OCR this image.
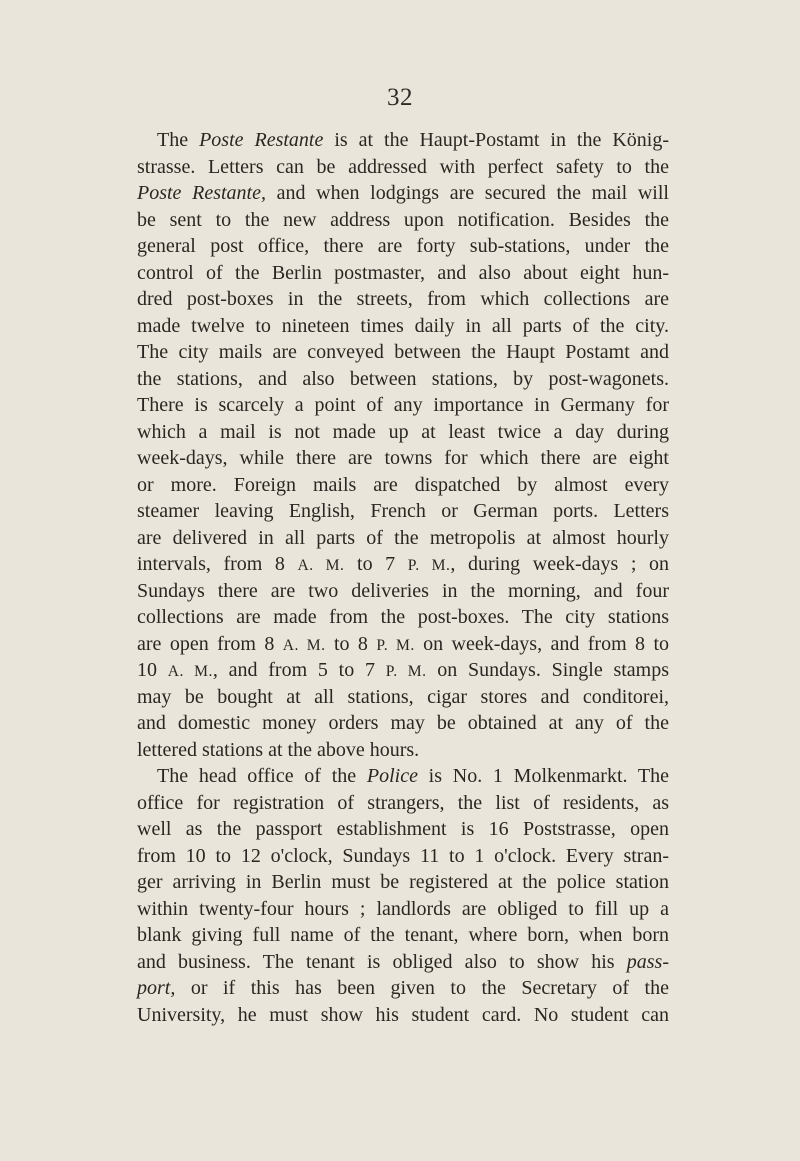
32
The Poste Restante is at the Haupt-Postamt in the König-
strasse. Letters can be addressed with perfect safety to the
Poste Restante, and when lodgings are secured the mail will
be sent to the new address upon notification. Besides the
general post office, there are forty sub-stations, under the
control of the Berlin postmaster, and also about eight hun-
dred post-boxes in the streets, from which collections are
made twelve to nineteen times daily in all parts of the city.
The city mails are conveyed between the Haupt Postamt and
the stations, and also between stations, by post-wagonets.
There is scarcely a point of any importance in Germany for
which a mail is not made up at least twice a day during
week-days, while there are towns for which there are eight
or more. Foreign mails are dispatched by almost every
steamer leaving English, French or German ports. Letters
are delivered in all parts of the metropolis at almost hourly
intervals, from 8 A. M. to 7 P. M., during week-days ; on
Sundays there are two deliveries in the morning, and four
collections are made from the post-boxes. The city stations
are open from 8 A. M. to 8 P. M. on week-days, and from 8 to
10 A. M., and from 5 to 7 P. M. on Sundays. Single stamps
may be bought at all stations, cigar stores and conditorei,
and domestic money orders may be obtained at any of the
lettered stations at the above hours.
The head office of the Police is No. 1 Molkenmarkt. The
office for registration of strangers, the list of residents, as
well as the passport establishment is 16 Poststrasse, open
from 10 to 12 o'clock, Sundays 11 to 1 o'clock. Every stran-
ger arriving in Berlin must be registered at the police station
within twenty-four hours ; landlords are obliged to fill up a
blank giving full name of the tenant, where born, when born
and business. The tenant is obliged also to show his pass-
port, or if this has been given to the Secretary of the
University, he must show his student card. No student can
